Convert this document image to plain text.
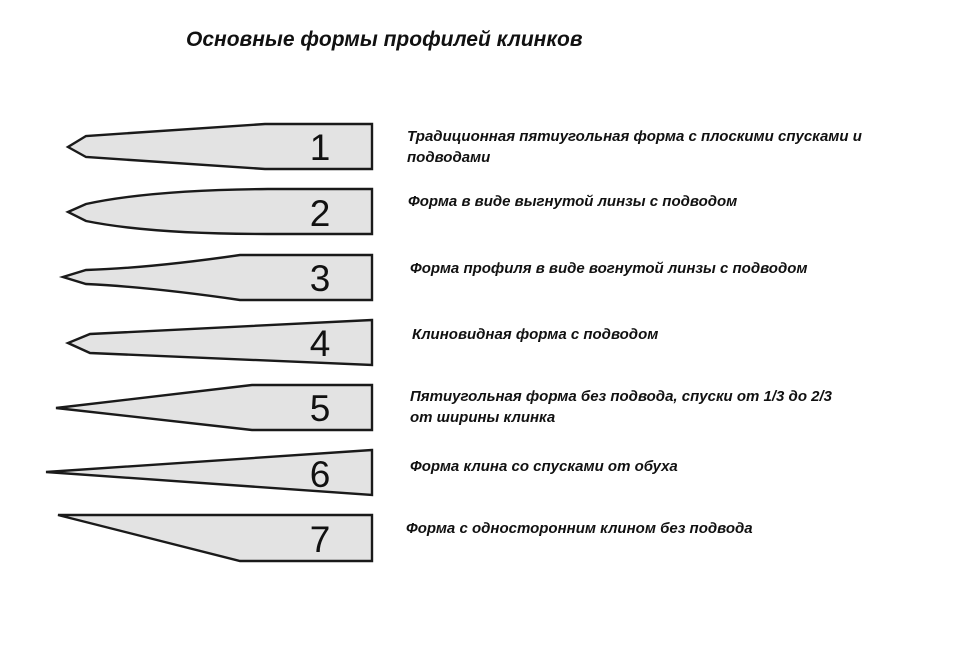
Основные формы профилей клинков
1
2
3
4
5
6
7
Традиционная пятиугольная форма с плоскими спусками и подводами
Форма в виде выгнутой линзы с подводом
Форма профиля в виде вогнутой линзы с подводом
Клиновидная форма с подводом
Пятиугольная форма без подвода, спуски от 1/3 до 2/3 от ширины клинка
Форма клина со спусками от обуха
Форма с односторонним клином без подвода
